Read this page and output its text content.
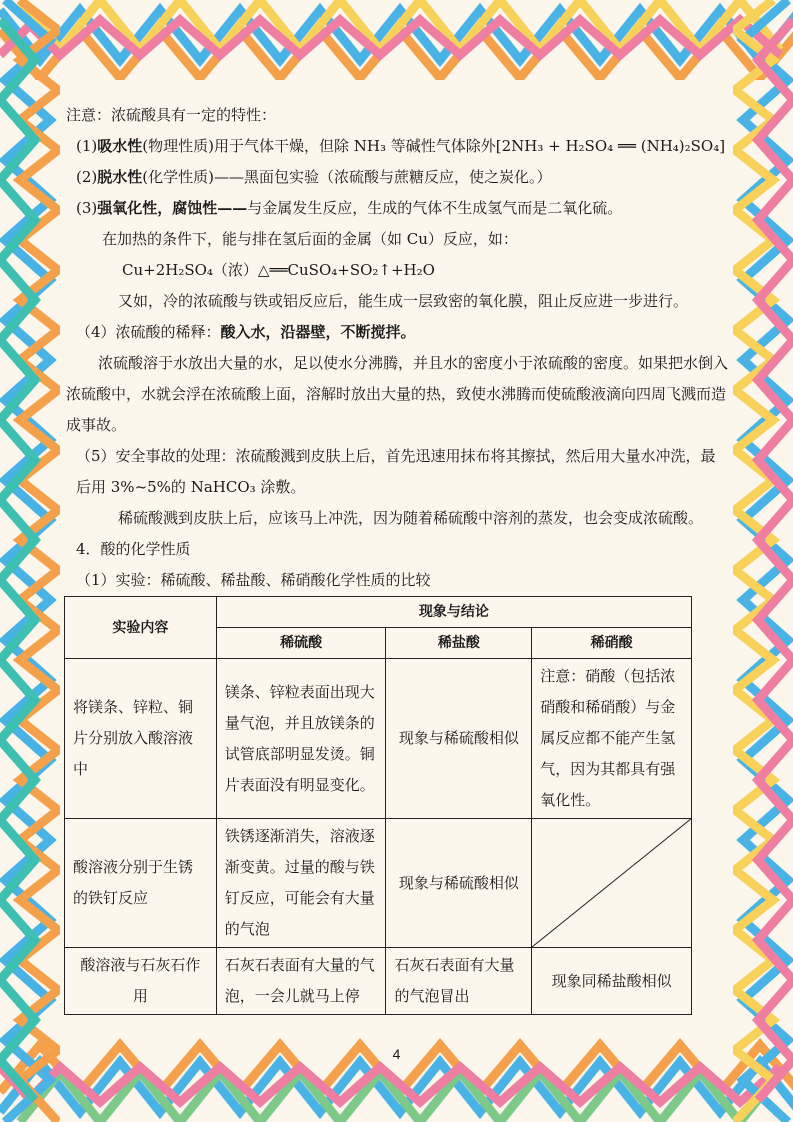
注意：浓硫酸具有一定的特性：
(1)吸水性(物理性质)用于气体干燥，但除 NH₃ 等碱性气体除外[2NH₃ + H₂SO₄ ══ (NH₄)₂SO₄]
(2)脱水性(化学性质)——黑面包实验（浓硫酸与蔗糖反应，使之炭化。）
(3)强氧化性，腐蚀性——与金属发生反应，生成的气体不生成氢气而是二氧化硫。
在加热的条件下，能与排在氢后面的金属（如 Cu）反应，如：
Cu+2H₂SO₄（浓）△══CuSO₄+SO₂↑+H₂O
又如，冷的浓硫酸与铁或铝反应后，能生成一层致密的氧化膜，阻止反应进一步进行。
（4）浓硫酸的稀释：酸入水，沿器壁，不断搅拌。
浓硫酸溶于水放出大量的水，足以使水分沸腾，并且水的密度小于浓硫酸的密度。如果把水倒入浓硫酸中，水就会浮在浓硫酸上面，溶解时放出大量的热，致使水沸腾而使硫酸液滴向四周飞溅而造成事故。
（5）安全事故的处理：浓硫酸溅到皮肤上后，首先迅速用抹布将其擦拭，然后用大量水冲洗，最后用 3%~5%的 NaHCO₃ 涂敷。
稀硫酸溅到皮肤上后，应该马上冲洗，因为随着稀硫酸中溶剂的蒸发，也会变成浓硫酸。
4．酸的化学性质
（1）实验：稀硫酸、稀盐酸、稀硝酸化学性质的比较
实验内容	现象与结论		
	稀硫酸	稀盐酸	稀硝酸
将镁条、锌粒、铜片分别放入酸溶液中	镁条、锌粒表面出现大量气泡，并且放镁条的试管底部明显发烫。铜片表面没有明显变化。	现象与稀硫酸相似	注意：硝酸（包括浓硝酸和稀硝酸）与金属反应都不能产生氢气，因为其都具有强氧化性。
酸溶液分别于生锈的铁钉反应	铁锈逐渐消失，溶液逐渐变黄。过量的酸与铁钉反应，可能会有大量的气泡	现象与稀硫酸相似	

酸溶液与石灰石作用	石灰石表面有大量的气泡，一会儿就马上停	石灰石表面有大量的气泡冒出	现象同稀盐酸相似
4
